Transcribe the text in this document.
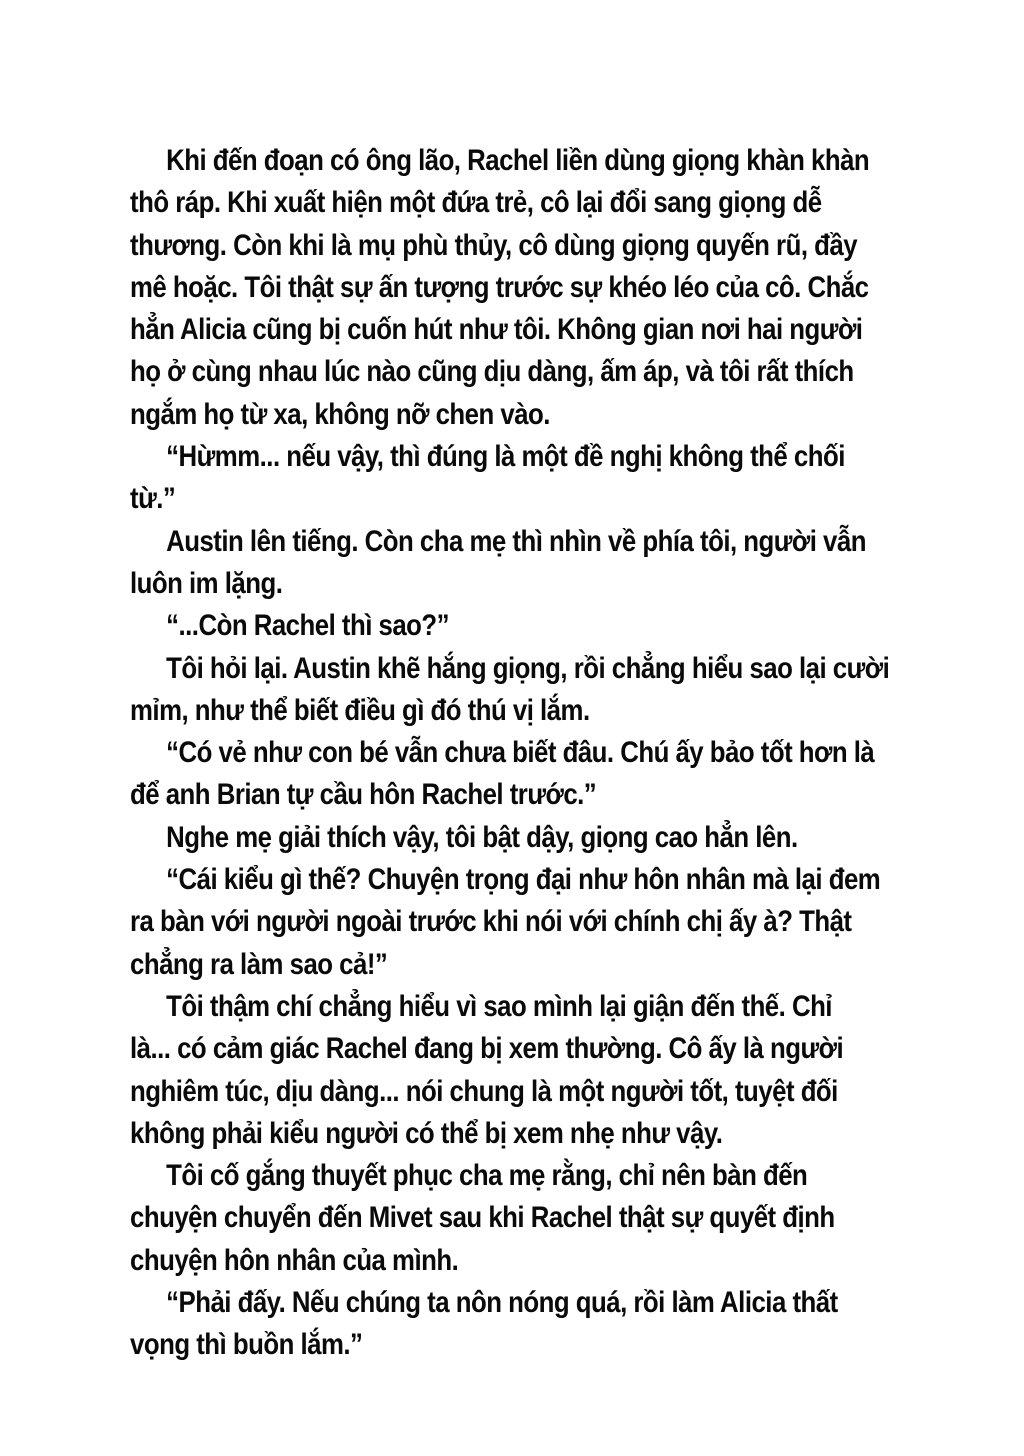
Khi đến đoạn có ông lão, Rachel liền dùng giọng khàn khàn
thô ráp. Khi xuất hiện một đứa trẻ, cô lại đổi sang giọng dễ
thương. Còn khi là mụ phù thủy, cô dùng giọng quyến rũ, đầy
mê hoặc. Tôi thật sự ấn tượng trước sự khéo léo của cô. Chắc
hẳn Alicia cũng bị cuốn hút như tôi. Không gian nơi hai người
họ ở cùng nhau lúc nào cũng dịu dàng, ấm áp, và tôi rất thích
ngắm họ từ xa, không nỡ chen vào.
“Hừmm... nếu vậy, thì đúng là một đề nghị không thể chối
từ.”
Austin lên tiếng. Còn cha mẹ thì nhìn về phía tôi, người vẫn
luôn im lặng.
“...Còn Rachel thì sao?”
Tôi hỏi lại. Austin khẽ hắng giọng, rồi chẳng hiểu sao lại cười
mỉm, như thể biết điều gì đó thú vị lắm.
“Có vẻ như con bé vẫn chưa biết đâu. Chú ấy bảo tốt hơn là
để anh Brian tự cầu hôn Rachel trước.”
Nghe mẹ giải thích vậy, tôi bật dậy, giọng cao hẳn lên.
“Cái kiểu gì thế? Chuyện trọng đại như hôn nhân mà lại đem
ra bàn với người ngoài trước khi nói với chính chị ấy à? Thật
chẳng ra làm sao cả!”
Tôi thậm chí chẳng hiểu vì sao mình lại giận đến thế. Chỉ
là... có cảm giác Rachel đang bị xem thường. Cô ấy là người
nghiêm túc, dịu dàng... nói chung là một người tốt, tuyệt đối
không phải kiểu người có thể bị xem nhẹ như vậy.
Tôi cố gắng thuyết phục cha mẹ rằng, chỉ nên bàn đến
chuyện chuyển đến Mivet sau khi Rachel thật sự quyết định
chuyện hôn nhân của mình.
“Phải đấy. Nếu chúng ta nôn nóng quá, rồi làm Alicia thất
vọng thì buồn lắm.”
